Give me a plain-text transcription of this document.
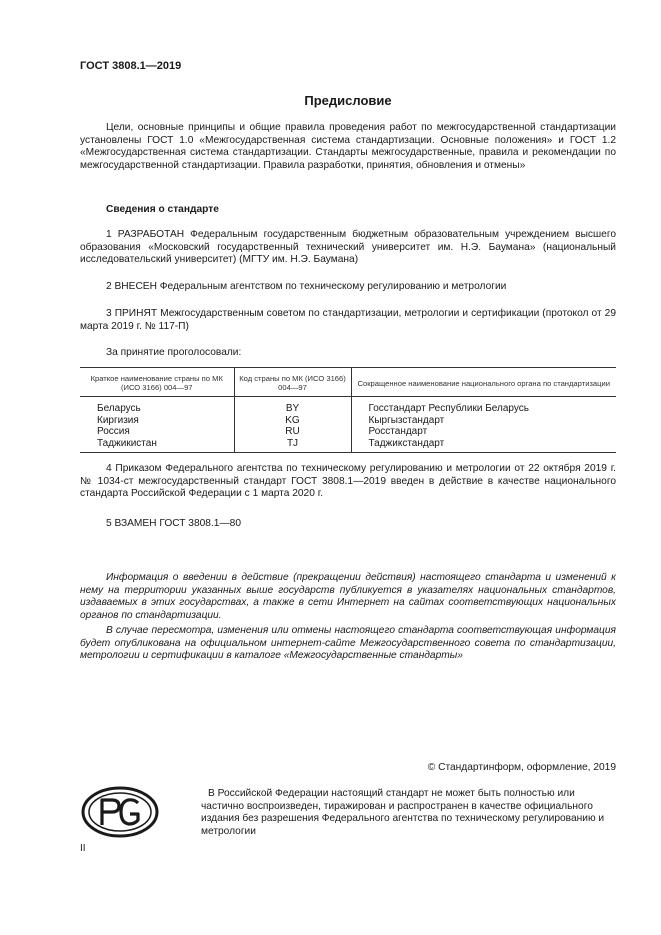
ГОСТ 3808.1—2019
Предисловие
Цели, основные принципы и общие правила проведения работ по межгосударственной стандартизации установлены ГОСТ 1.0 «Межгосударственная система стандартизации. Основные положения» и ГОСТ 1.2 «Межгосударственная система стандартизации. Стандарты межгосударственные, правила и рекомендации по межгосударственной стандартизации. Правила разработки, принятия, обновления и отмены»
Сведения о стандарте
1 РАЗРАБОТАН Федеральным государственным бюджетным образовательным учреждением высшего образования «Московский государственный технический университет им. Н.Э. Баумана» (национальный исследовательский университет) (МГТУ им. Н.Э. Баумана)
2 ВНЕСЕН Федеральным агентством по техническому регулированию и метрологии
3 ПРИНЯТ Межгосударственным советом по стандартизации, метрологии и сертификации (протокол от 29 марта 2019 г. № 117-П)
За принятие проголосовали:
Краткое наименование страны по МК (ИСО 3166) 004—97	Код страны по МК (ИСО 3166) 004—97	Сокращенное наименование национального органа по стандартизации
Беларусь	BY	Госстандарт Республики Беларусь
Киргизия	KG	Кыргызстандарт
Россия	RU	Росстандарт
Таджикистан	TJ	Таджикстандарт
4 Приказом Федерального агентства по техническому регулированию и метрологии от 22 октября 2019 г. № 1034-ст межгосударственный стандарт ГОСТ 3808.1—2019 введен в действие в качестве национального стандарта Российской Федерации с 1 марта 2020 г.
5 ВЗАМЕН ГОСТ 3808.1—80
Информация о введении в действие (прекращении действия) настоящего стандарта и изменений к нему на территории указанных выше государств публикуется в указателях национальных стандартов, издаваемых в этих государствах, а также в сети Интернет на сайтах соответствующих национальных органов по стандартизации.
В случае пересмотра, изменения или отмены настоящего стандарта соответствующая информация будет опубликована на официальном интернет-сайте Межгосударственного совета по стандартизации, метрологии и сертификации в каталоге «Межгосударственные стандарты»
© Стандартинформ, оформление, 2019
В Российской Федерации настоящий стандарт не может быть полностью или частично воспроизведен, тиражирован и распространен в качестве официального издания без разрешения Федерального агентства по техническому регулированию и метрологии
II
